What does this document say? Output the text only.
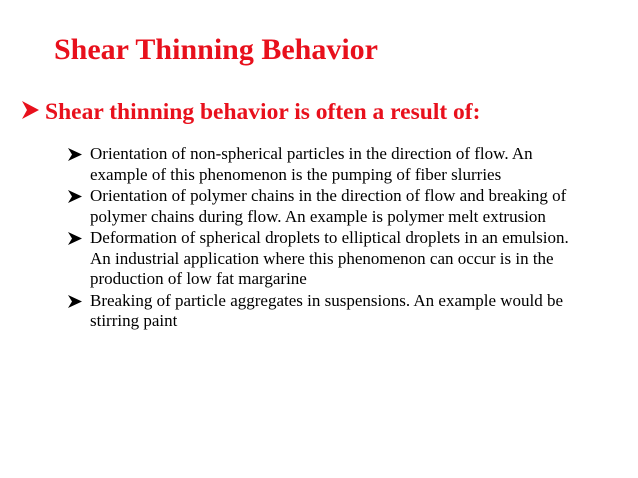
Shear Thinning Behavior
Shear thinning behavior is often a result of:
Orientation of non-spherical particles in the direction of flow. An example of this phenomenon is the pumping of fiber slurries
Orientation of polymer chains in the direction of flow and breaking of polymer chains during flow. An example is polymer melt extrusion
Deformation of spherical droplets to elliptical droplets in an emulsion. An industrial application where this phenomenon can occur is in the production of low fat margarine
Breaking of particle aggregates in suspensions. An example would be stirring paint
